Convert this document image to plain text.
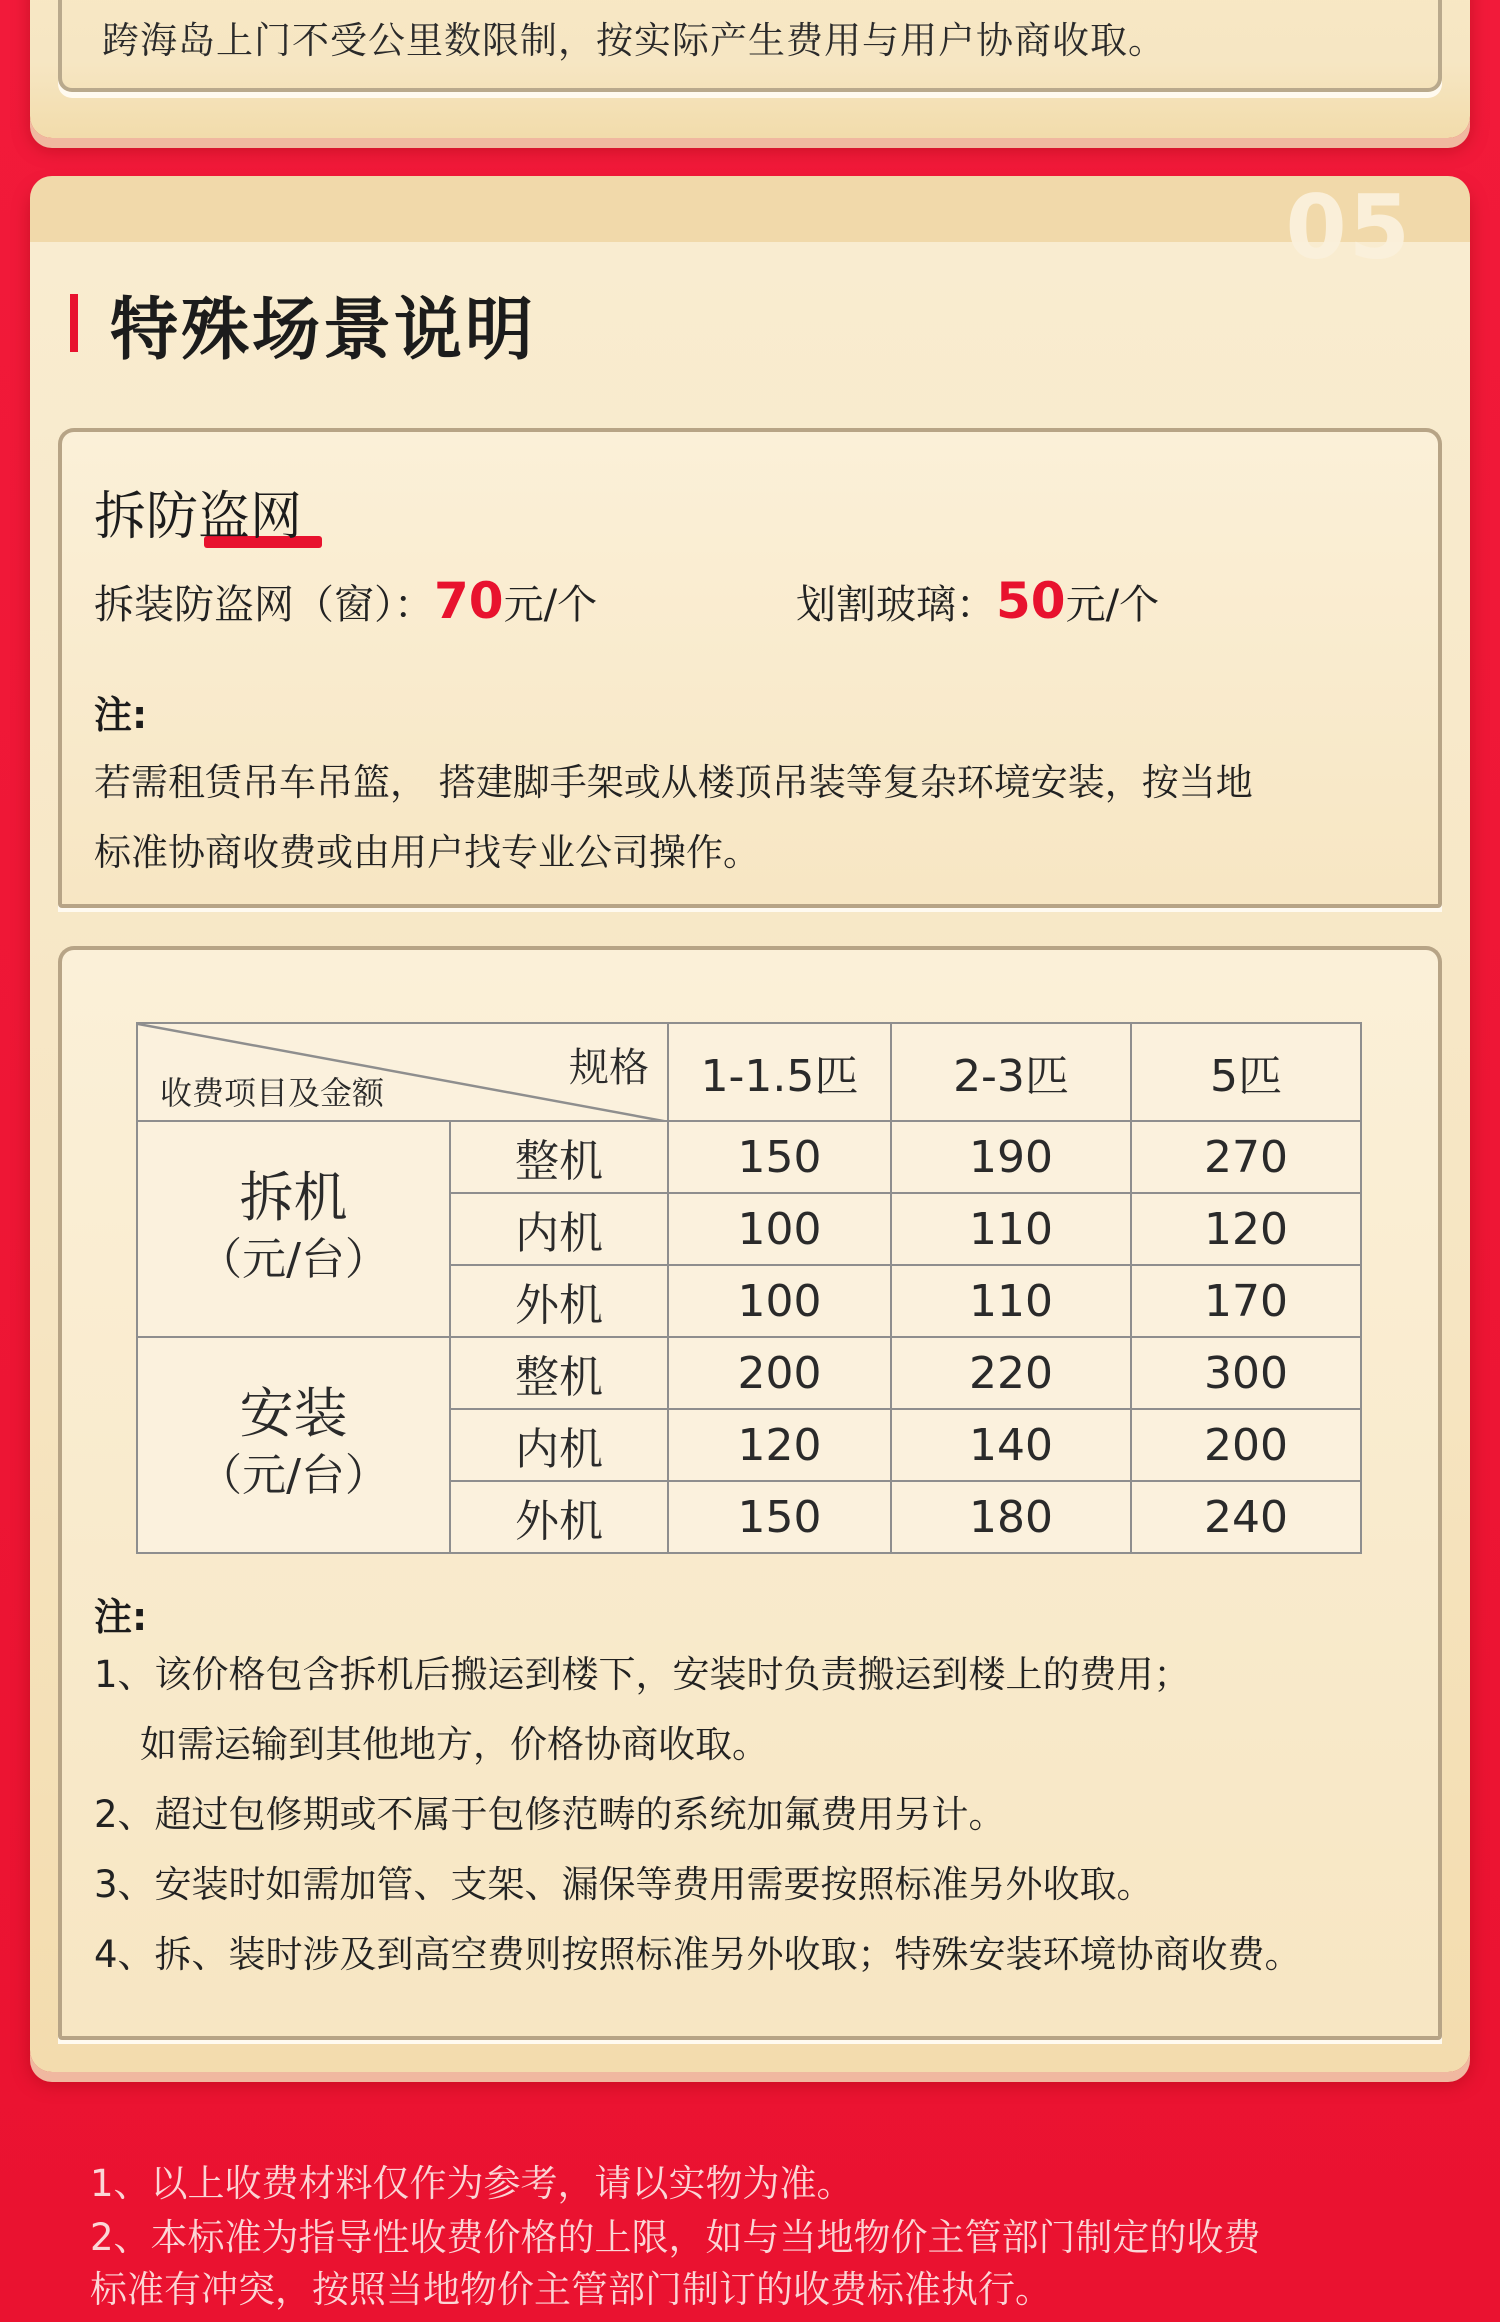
跨海岛上门不受公里数限制，按实际产生费用与用户协商收取。
05
特殊场景说明
拆防盗网
拆装防盗网（窗）：70元/个	划割玻璃：50元/个
注:
若需租赁吊车吊篮， 搭建脚手架或从楼顶吊装等复杂环境安装，按当地
标准协商收费或由用户找专业公司操作。
规格
收费项目及金额		1-1.5匹	2-3匹	5匹
拆机
（元/台）	整机	150	190	270
	内机	100	110	120
	外机	100	110	170
安装
（元/台）	整机	200	220	300
	内机	120	140	200
	外机	150	180	240
注:
1、该价格包含拆机后搬运到楼下，安装时负责搬运到楼上的费用；
如需运输到其他地方，价格协商收取。
2、超过包修期或不属于包修范畴的系统加氟费用另计。
3、安装时如需加管、支架、漏保等费用需要按照标准另外收取。
4、拆、装时涉及到高空费则按照标准另外收取；特殊安装环境协商收费。
1、以上收费材料仅作为参考，请以实物为准。
2、本标准为指导性收费价格的上限，如与当地物价主管部门制定的收费
标准有冲突，按照当地物价主管部门制订的收费标准执行。
